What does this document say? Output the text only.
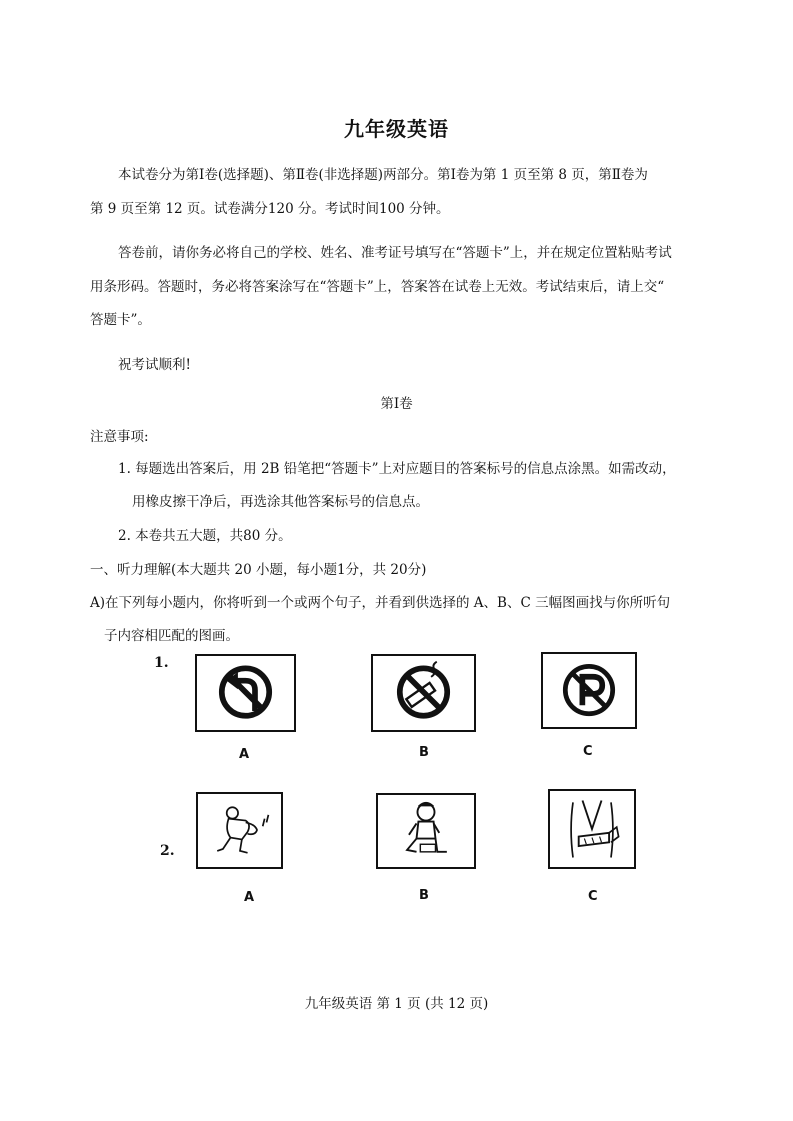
九年级英语
本试卷分为第Ⅰ卷(选择题)、第Ⅱ卷(非选择题)两部分。第Ⅰ卷为第 1 页至第 8 页，第Ⅱ卷为
第 9 页至第 12 页。试卷满分120 分。考试时间100 分钟。
答卷前，请你务必将自己的学校、姓名、准考证号填写在“答题卡”上，并在规定位置粘贴考试
用条形码。答题时，务必将答案涂写在“答题卡”上，答案答在试卷上无效。考试结束后，请上交“
答题卡”。
祝考试顺利!
第Ⅰ卷
注意事项:
1. 每题选出答案后，用 2B 铅笔把“答题卡”上对应题目的答案标号的信息点涂黑。如需改动，
用橡皮擦干净后，再选涂其他答案标号的信息点。
2. 本卷共五大题，共80 分。
一、听力理解(本大题共 20 小题，每小题1分，共 20分)
A)在下列每小题内，你将听到一个或两个句子，并看到供选择的 A、B、C 三幅图画找与你所听句
子内容相匹配的图画。
1.
A	B	C
2.
A	B	C
九年级英语 第 1 页 (共 12 页)
